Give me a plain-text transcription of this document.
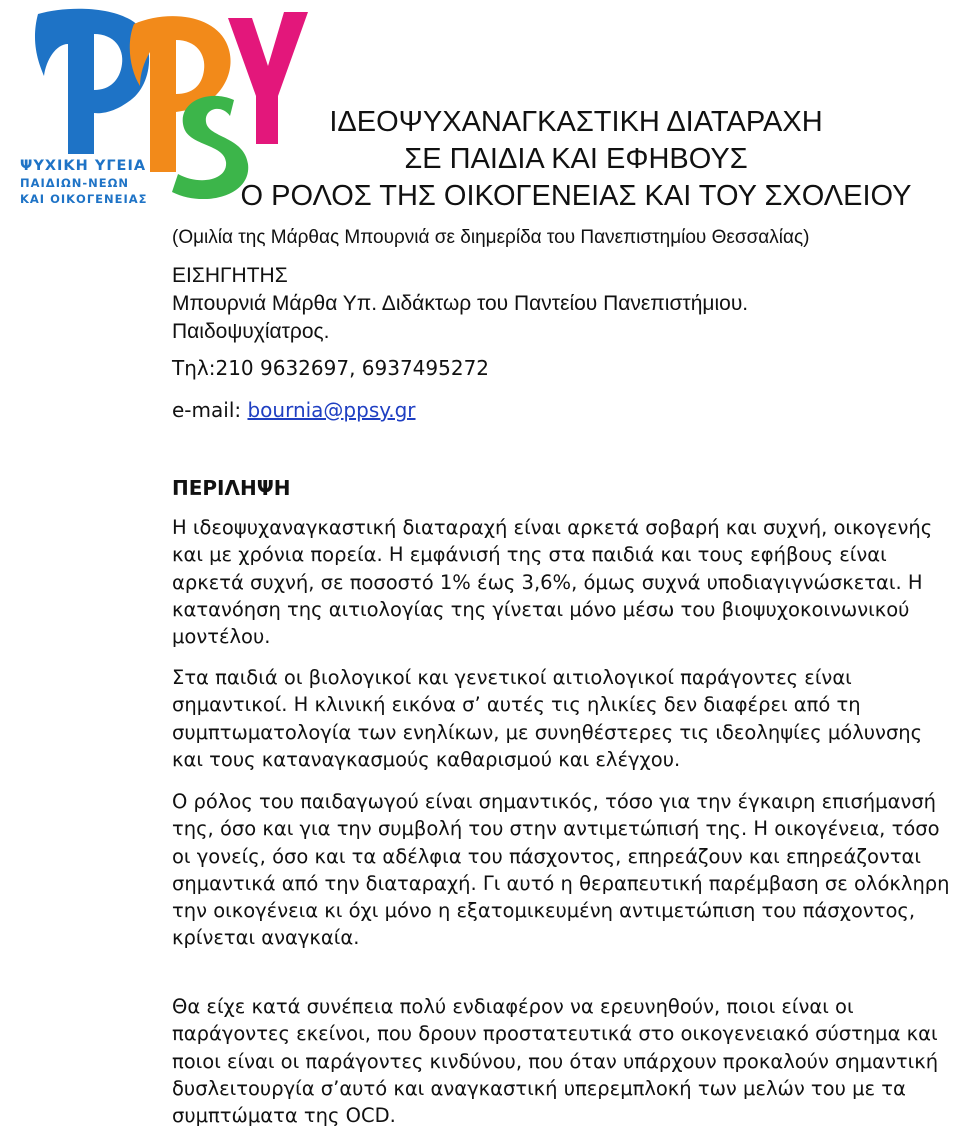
ΨΥΧΙΚΗ ΥΓΕΙΑ
ΠΑΙΔΙΩΝ-ΝΕΩΝ
ΚΑΙ ΟΙΚΟΓΕΝΕΙΑΣ
ΙΔΕΟΨΥΧΑΝΑΓΚΑΣΤΙΚΗ ΔΙΑΤΑΡΑΧΗ
ΣΕ ΠΑΙΔΙΑ ΚΑΙ ΕΦΗΒΟΥΣ
Ο ΡΟΛΟΣ ΤΗΣ ΟΙΚΟΓΕΝΕΙΑΣ ΚΑΙ ΤΟΥ ΣΧΟΛΕΙΟΥ
(Ομιλία της Μάρθας Μπουρνιά σε διημερίδα του Πανεπιστημίου Θεσσαλίας)
ΕΙΣΗΓΗΤΗΣ
Μπουρνιά Μάρθα Υπ. Διδάκτωρ του Παντείου Πανεπιστήμιου.
Παιδοψυχίατρος.
Τηλ:210 9632697, 6937495272
e-mail: bournia@ppsy.gr
ΠΕΡΙΛΗΨΗ

Η ιδεοψυχαναγκαστική διαταραχή είναι αρκετά σοβαρή και συχνή, οικογενής και με χρόνια πορεία. Η εμφάνισή της στα παιδιά και τους εφήβους είναι αρκετά συχνή, σε ποσοστό 1% έως 3,6%, όμως συχνά υποδιαγιγνώσκεται. Η κατανόηση της αιτιολογίας της γίνεται μόνο μέσω του βιοψυχοκοινωνικού μοντέλου.

Στα παιδιά οι βιολογικοί και γενετικοί αιτιολογικοί παράγοντες είναι σημαντικοί. Η κλινική εικόνα σ’ αυτές τις ηλικίες δεν διαφέρει από τη συμπτωματολογία των ενηλίκων, με συνηθέστερες τις ιδεοληψίες μόλυνσης και τους καταναγκασμούς καθαρισμού και ελέγχου.

Ο ρόλος του παιδαγωγού είναι σημαντικός, τόσο για την έγκαιρη επισήμανσή της, όσο και για την συμβολή του στην αντιμετώπισή της. Η οικογένεια, τόσο οι γονείς, όσο και τα αδέλφια του πάσχοντος, επηρεάζουν και επηρεάζονται σημαντικά από την διαταραχή. Γι αυτό η θεραπευτική παρέμβαση σε ολόκληρη την οικογένεια κι όχι μόνο η εξατομικευμένη αντιμετώπιση του πάσχοντος, κρίνεται αναγκαία.

Θα είχε κατά συνέπεια πολύ ενδιαφέρον να ερευνηθούν, ποιοι είναι οι παράγοντες εκείνοι, που δρουν προστατευτικά στο οικογενειακό σύστημα και ποιοι είναι οι παράγοντες κινδύνου, που όταν υπάρχουν προκαλούν σημαντική δυσλειτουργία σ’αυτό και αναγκαστική υπερεμπλοκή των μελών του με τα συμπτώματα της OCD.
